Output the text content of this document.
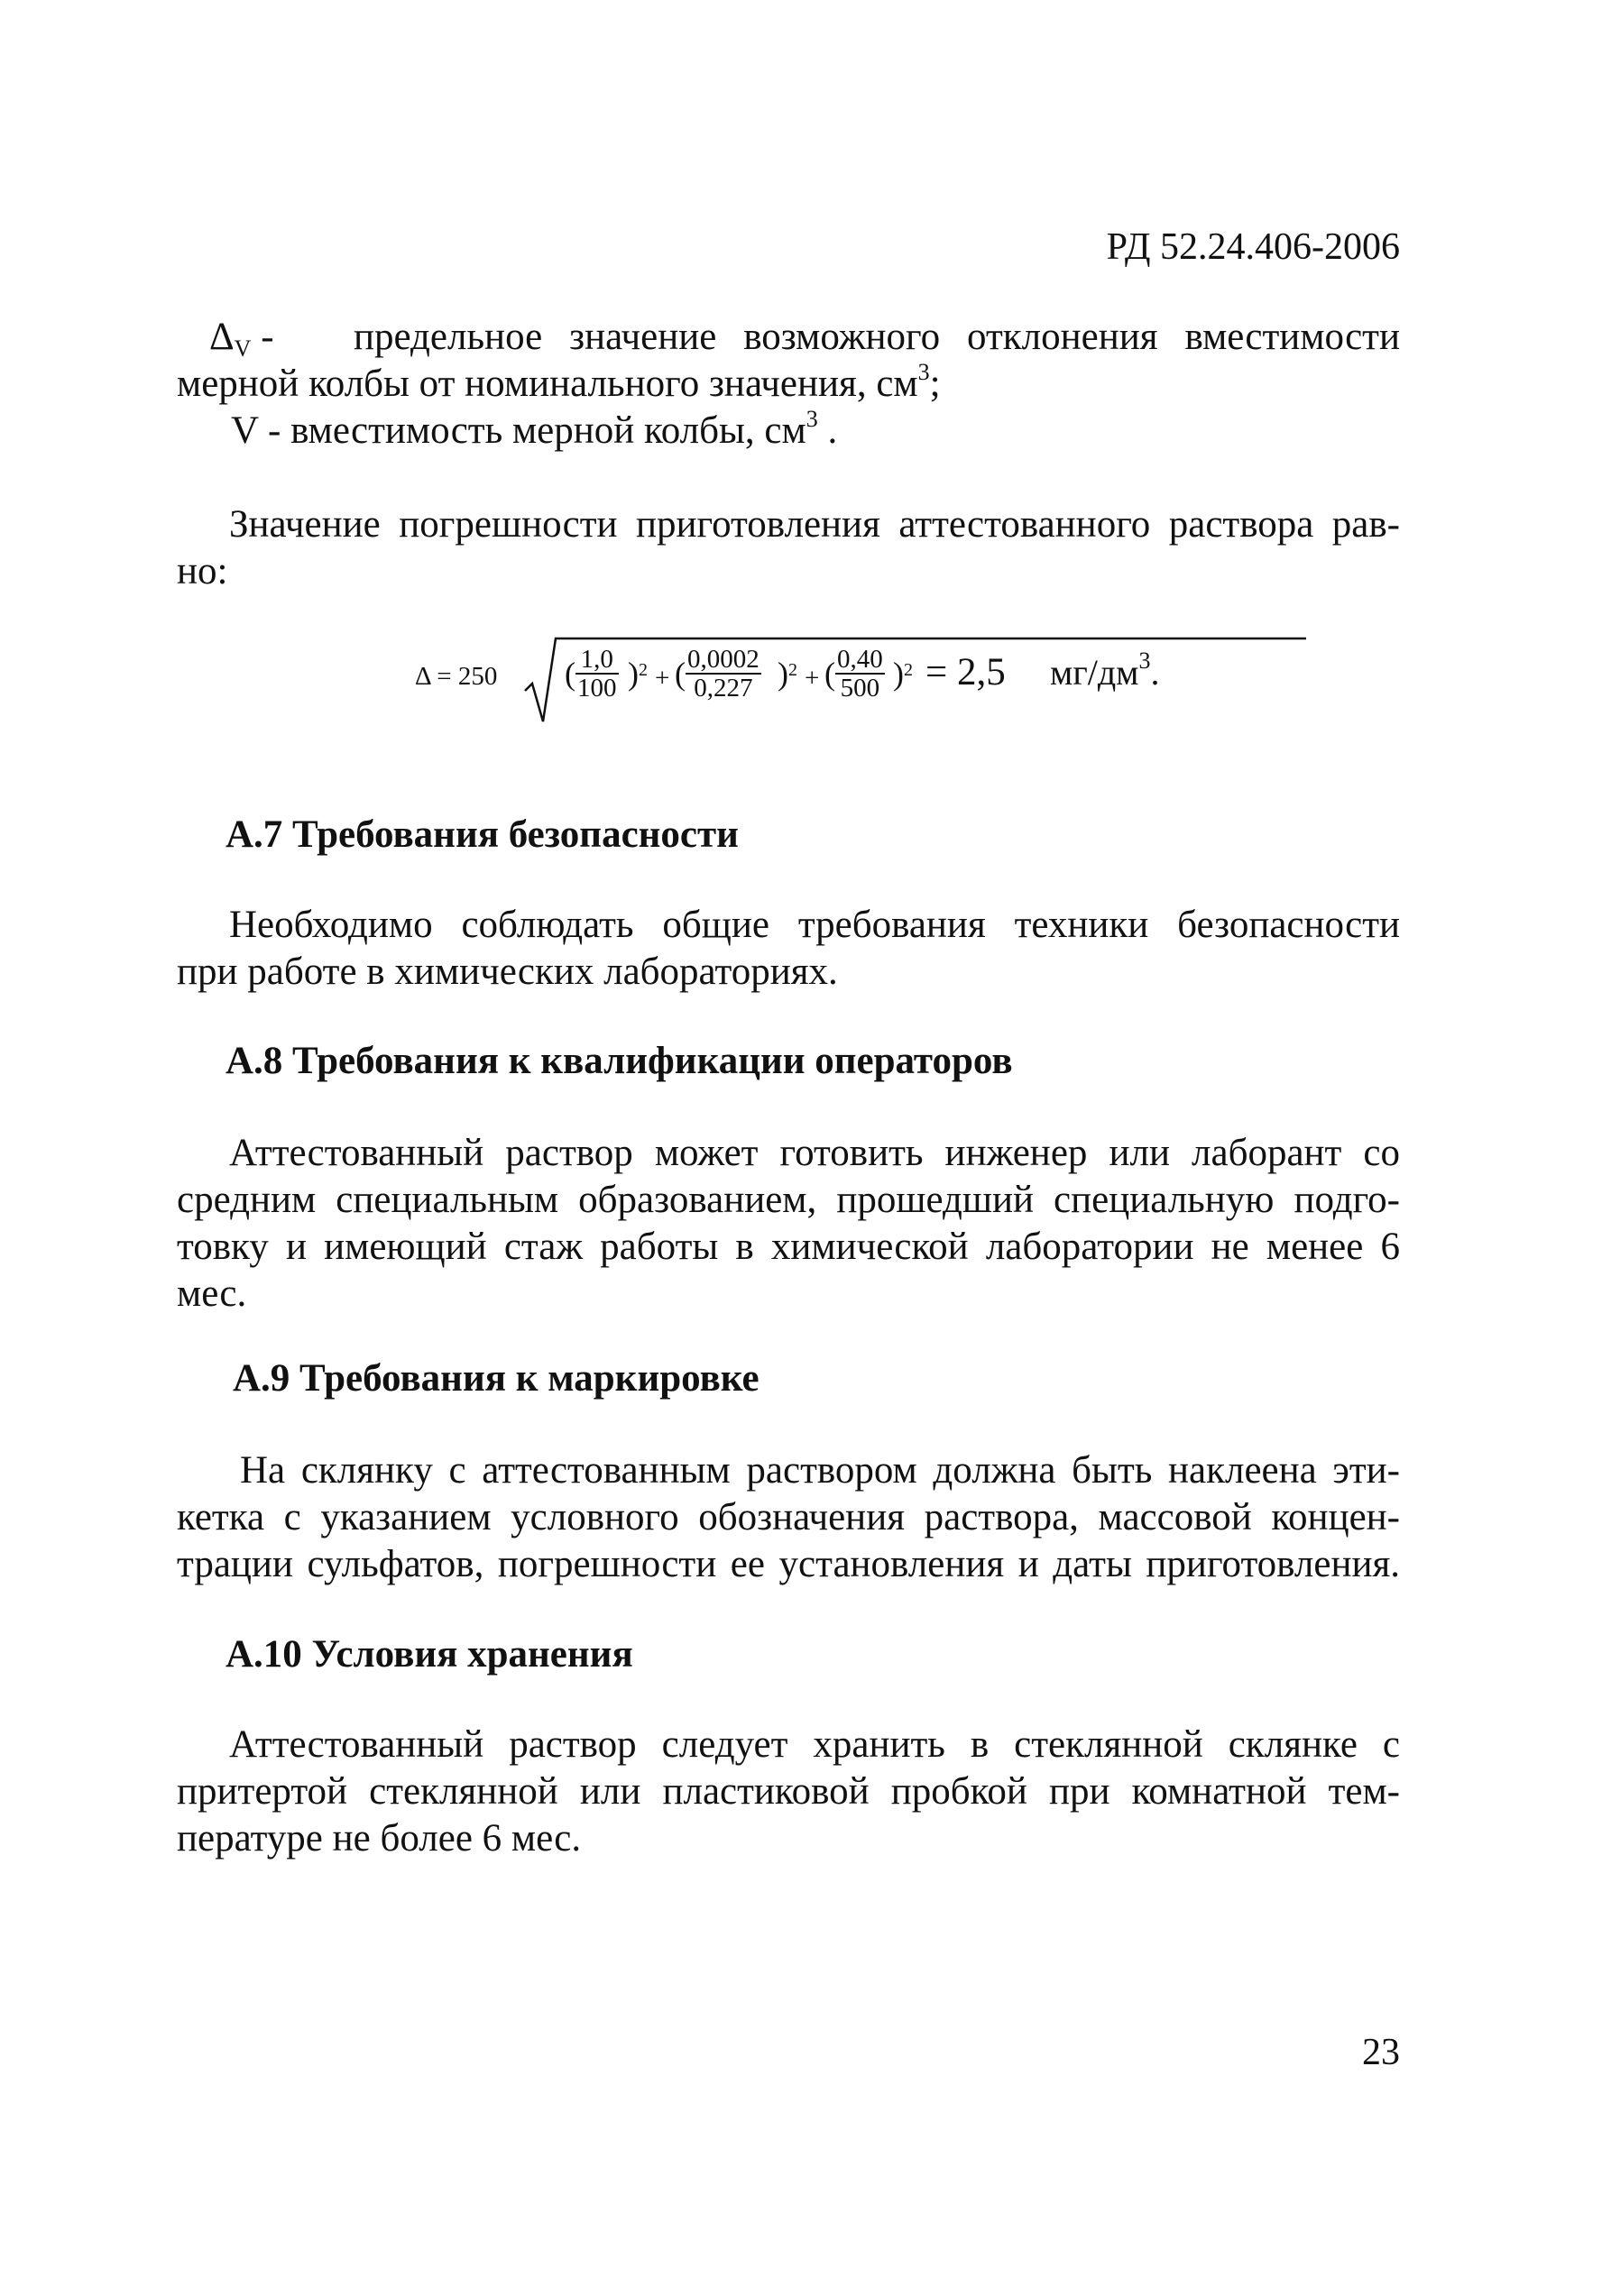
РД 52.24.406-2006
$\Delta_V$ - предельное значение возможного отклонения вместимости
мерной колбы от номинального значения, $см^3$;
V - вместимость мерной колбы, $см^3$ .
Значение погрешности приготовления аттестованного раствора рав-
но:
Δ = 250 ( $\frac{1,0}{100}$ ) 2 + ( $\frac{0,0002}{0,227}$ ) 2 + ( $\frac{0,40}{500}$ ) 2 = 2,5 $мг/дм^3$.
А.7 Требования безопасности
Необходимо соблюдать общие требования техники безопасности
при работе в химических лабораториях.
А.8 Требования к квалификации операторов
Аттестованный раствор может готовить инженер или лаборант со
средним специальным образованием, прошедший специальную подго-
товку и имеющий стаж работы в химической лаборатории не менее 6
мес.
А.9 Требования к маркировке
На склянку с аттестованным раствором должна быть наклеена эти-
кетка с указанием условного обозначения раствора, массовой концен-
трации сульфатов, погрешности ее установления и даты приготовления.
А.10 Условия хранения
Аттестованный раствор следует хранить в стеклянной склянке с
притертой стеклянной или пластиковой пробкой при комнатной тем-
пературе не более 6 мес.
23
